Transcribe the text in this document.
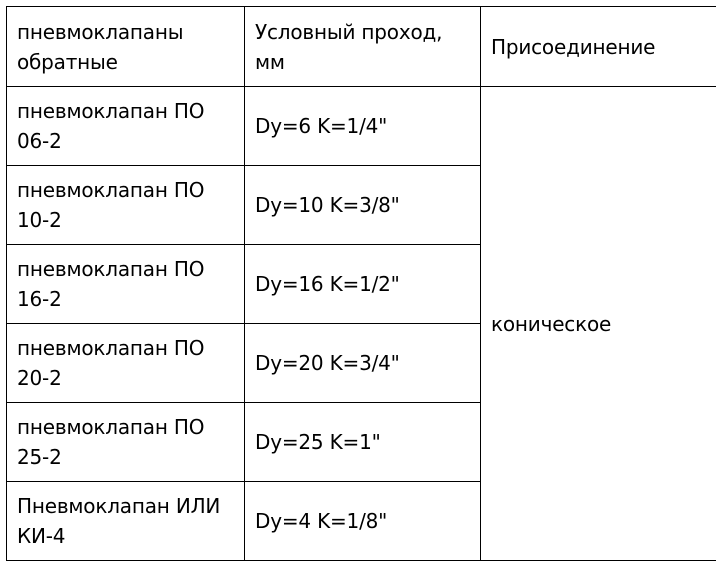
пневмоклапаны обратные	Условный проход, мм	Присоединение
пневмоклапан ПО 06-2	Dy=6 K=1/4"	коническое
пневмоклапан ПО 10-2	Dy=10 K=3/8"	
пневмоклапан ПО 16-2	Dy=16 K=1/2"	
пневмоклапан ПО 20-2	Dy=20 K=3/4"	
пневмоклапан ПО 25-2	Dy=25 K=1"	
Пневмоклапан ИЛИ КИ-4	Dy=4 K=1/8"	
